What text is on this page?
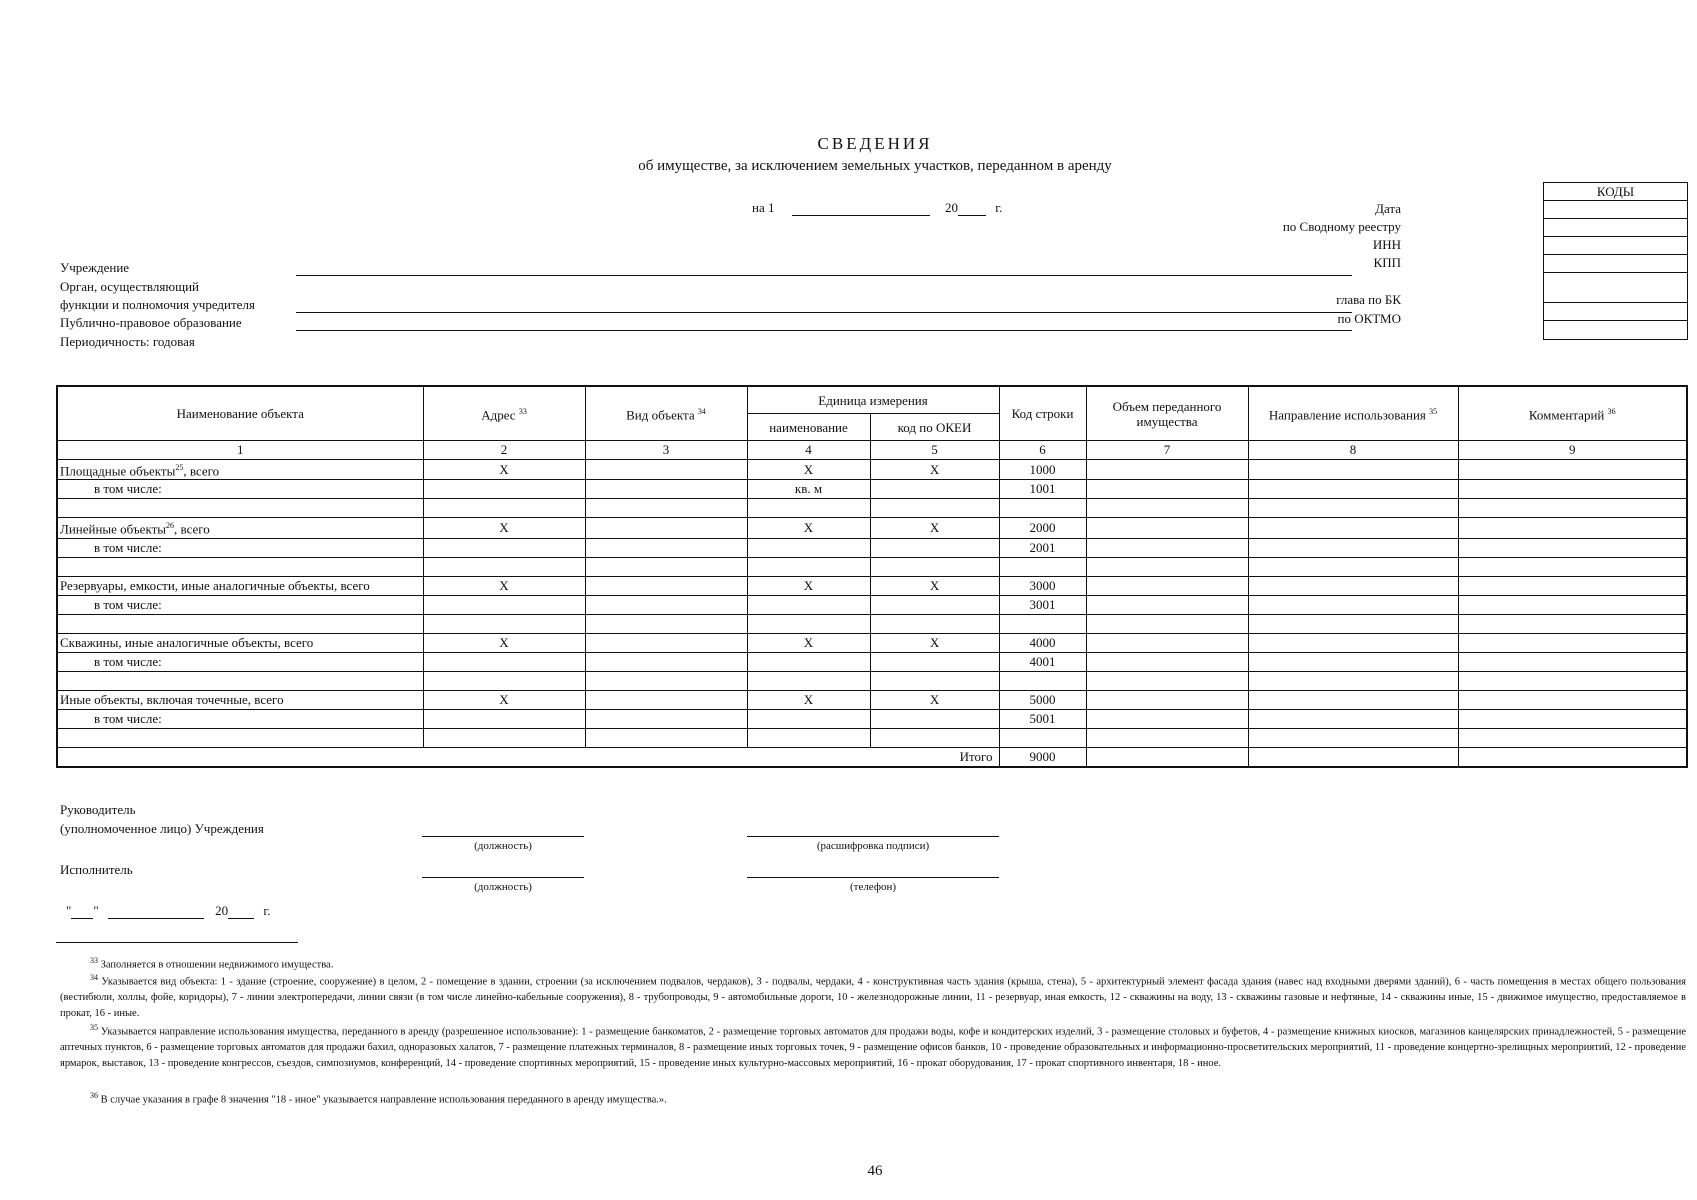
СВЕДЕНИЯ
об имуществе, за исключением земельных участков, переданном в аренду
на 1	20	г.
КОДЫ
Дата
по Сводному реестру
ИНН
КПП
глава по БК
по ОКТМО
Учреждение
Орган, осуществляющий
функции и полномочия учредителя
Публично-правовое образование
Периодичность: годовая
Наименование объекта	Адрес $^{33}$	Вид объекта $^{34}$	Единица измерения		Код строки	Объем переданного имущества	Направление использования $^{35}$	Комментарий $^{36}$
			наименование	код по ОКЕИ				
1	2	3	4	5	6	7	8	9
Площадные объекты$^{25}$, всего	X		X	X	1000			
в том числе:			кв. м		1001			

Линейные объекты$^{26}$, всего	X		X	X	2000			
в том числе:					2001			

Резервуары, емкости, иные аналогичные объекты, всего	X		X	X	3000			
в том числе:					3001			

Скважины, иные аналогичные объекты, всего	X		X	X	4000			
в том числе:					4001			

Иные объекты, включая точечные, всего	X		X	X	5000			
в том числе:					5001			

Итого					9000			
Руководитель
(уполномоченное лицо) Учреждения
(должность)	(расшифровка подписи)
Исполнитель
(должность)	(телефон)
" "	20	г.
$^{33}$ Заполняется в отношении недвижимого имущества.
$^{34}$ Указывается вид объекта: 1 - здание (строение, сооружение) в целом, 2 - помещение в здании, строении (за исключением подвалов, чердаков), 3 - подвалы, чердаки, 4 - конструктивная часть здания (крыша, стена), 5 - архитектурный элемент фасада здания (навес над входными дверями зданий), 6 - часть помещения в местах общего пользования (вестибюли, холлы, фойе, коридоры), 7 - линии электропередачи, линии связи (в том числе линейно-кабельные сооружения), 8 - трубопроводы, 9 - автомобильные дороги, 10 - железнодорожные линии, 11 - резервуар, иная емкость, 12 - скважины на воду, 13 - скважины газовые и нефтяные, 14 - скважины иные, 15 - движимое имущество, предоставляемое в прокат, 16 - иные.
$^{35}$ Указывается направление использования имущества, переданного в аренду (разрешенное использование): 1 - размещение банкоматов, 2 - размещение торговых автоматов для продажи воды, кофе и кондитерских изделий, 3 - размещение столовых и буфетов, 4 - размещение книжных киосков, магазинов канцелярских принадлежностей, 5 - размещение аптечных пунктов, 6 - размещение торговых автоматов для продажи бахил, одноразовых халатов, 7 - размещение платежных терминалов, 8 - размещение иных торговых точек, 9 - размещение офисов банков, 10 - проведение образовательных и информационно-просветительских мероприятий, 11 - проведение концертно-зрелищных мероприятий, 12 - проведение ярмарок, выставок, 13 - проведение конгрессов, съездов, симпозиумов, конференций, 14 - проведение спортивных мероприятий, 15 - проведение иных культурно-массовых мероприятий, 16 - прокат оборудования, 17 - прокат спортивного инвентаря, 18 - иное.
$^{36}$ В случае указания в графе 8 значения "18 - иное" указывается направление использования переданного в аренду имущества.».
46
